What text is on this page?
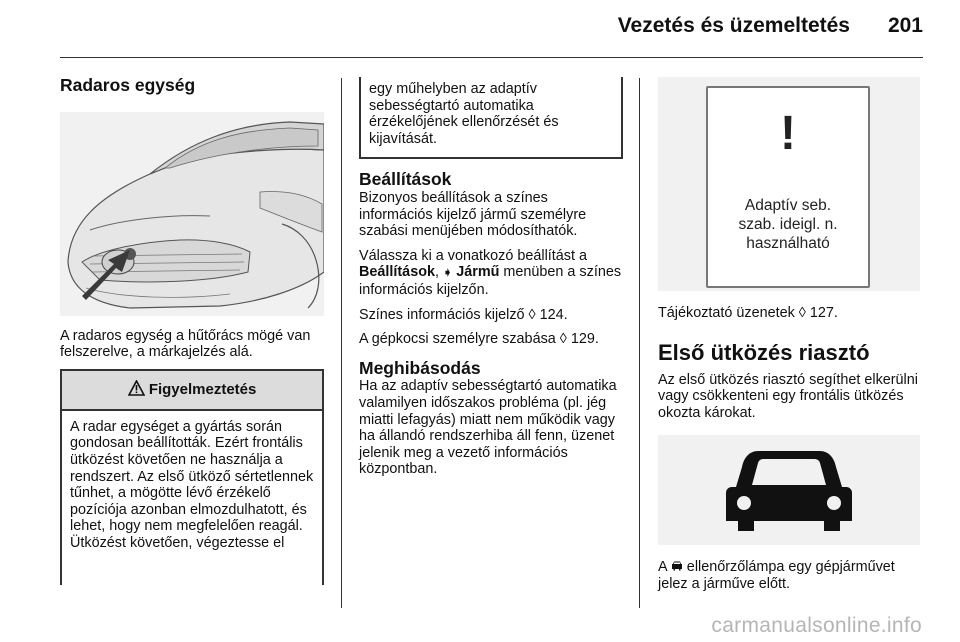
Vezetés és üzemeltetés 201
Radaros egység

A radaros egység a hűtőrács mögé van felszerelve, a márkajelzés alá.

Figyelmeztetés
A radar egységet a gyártás során gondosan beállították. Ezért frontális ütközést követően ne használja a rendszert. Az első ütköző sértetlennek tűnhet, a mögötte lévő érzékelő pozíciója azonban elmozdulhatott, és lehet, hogy nem megfelelően reagál. Ütközést követően, végeztesse el
egy műhelyben az adaptív sebességtartó automatika érzékelőjének ellenőrzését és kijavítását.
Beállítások

Bizonyos beállítások a színes információs kijelző jármű személyre szabási menüjében módosíthatók.

Válassza ki a vonatkozó beállítást a Beállítások, ➧ Jármű menüben a színes információs kijelzőn.

Színes információs kijelző ◊ 124.

A gépkocsi személyre szabása ◊ 129.

Meghibásodás

Ha az adaptív sebességtartó automatika valamilyen időszakos probléma (pl. jég miatti lefagyás) miatt nem működik vagy ha állandó rendszerhiba áll fenn, üzenet jelenik meg a vezető információs központban.

!
Adaptív seb.
szab. ideigl. n.
használható

Tájékoztató üzenetek ◊ 127.

Első ütközés riasztó

Az első ütközés riasztó segíthet elkerülni vagy csökkenteni egy frontális ütközés okozta károkat.

A  ellenőrzőlámpa egy gépjárművet jelez a járműve előtt.

carmanualsonline.info
